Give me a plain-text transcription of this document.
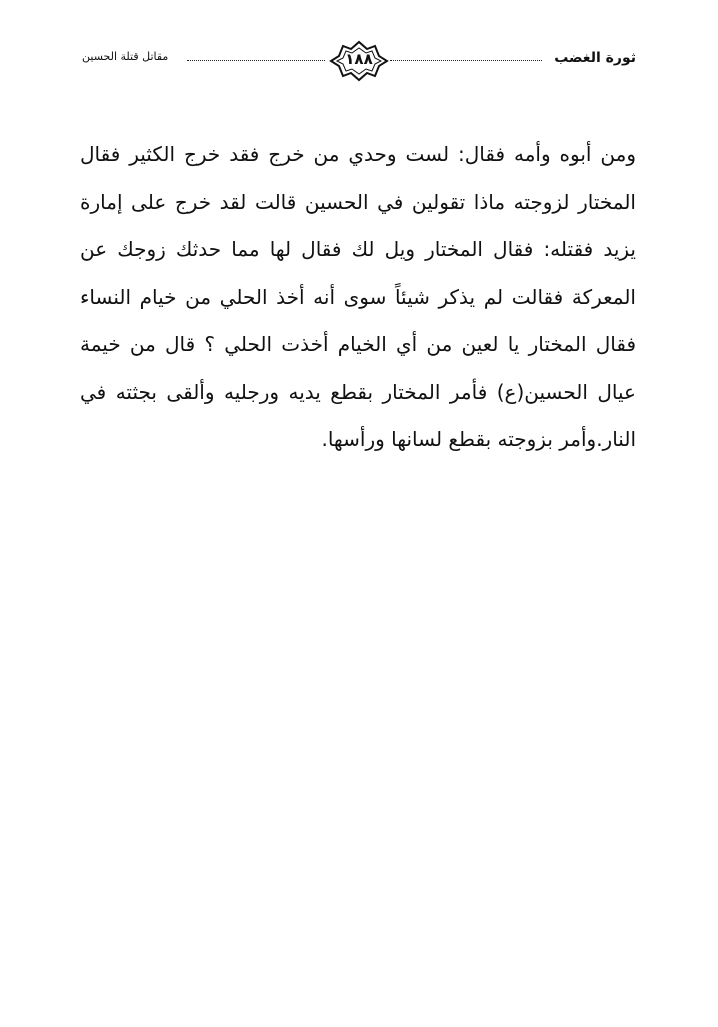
ثورة الغضب
١٨٨
مقاتل قتلة الحسين

ومن أبوه وأمه فقال: لست وحدي من خرج فقد خرج الكثير فقال المختار لزوجته ماذا تقولين في الحسين قالت لقد خرج على إمارة يزيد فقتله: فقال المختار ويل لك فقال لها مما حدثك زوجك عن المعركة فقالت لم يذكر شيئاً سوى أنه أخذ الحلي من خيام النساء فقال المختار يا لعين من أي الخيام أخذت الحلي ؟ قال من خيمة عيال الحسين(ع) فأمر المختار بقطع يديه ورجليه وألقى بجثته في النار.وأمر بزوجته بقطع لسانها ورأسها.
